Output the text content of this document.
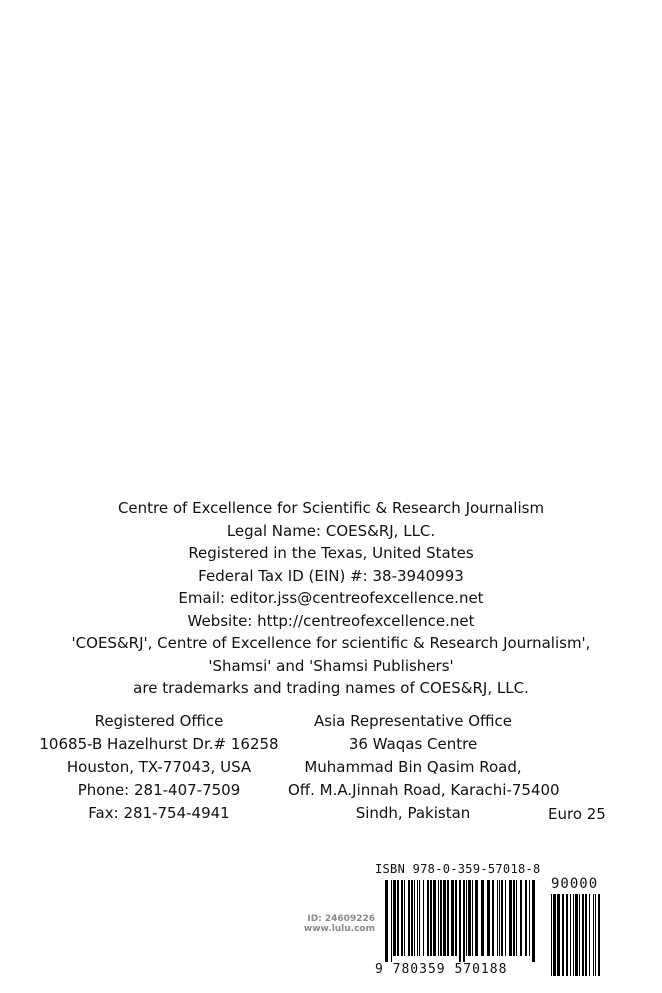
Centre of Excellence for Scientific & Research Journalism
Legal Name: COES&RJ, LLC.
Registered in the Texas, United States
Federal Tax ID (EIN) #: 38-3940993
Email: editor.jss@centreofexcellence.net
Website: http://centreofexcellence.net
'COES&RJ', Centre of Excellence for scientific & Research Journalism',
'Shamsi' and 'Shamsi Publishers'
are trademarks and trading names of COES&RJ, LLC.
Registered Office
10685-B Hazelhurst Dr.# 16258
Houston, TX-77043, USA
Phone: 281-407-7509
Fax: 281-754-4941
Asia Representative Office
36 Waqas Centre
Muhammad Bin Qasim Road,
Off. M.A.Jinnah Road, Karachi-75400
Sindh, Pakistan	Euro 25
ID: 24609226
www.lulu.com
ISBN 978-0-359-57018-8
90000
9 780359 570188
